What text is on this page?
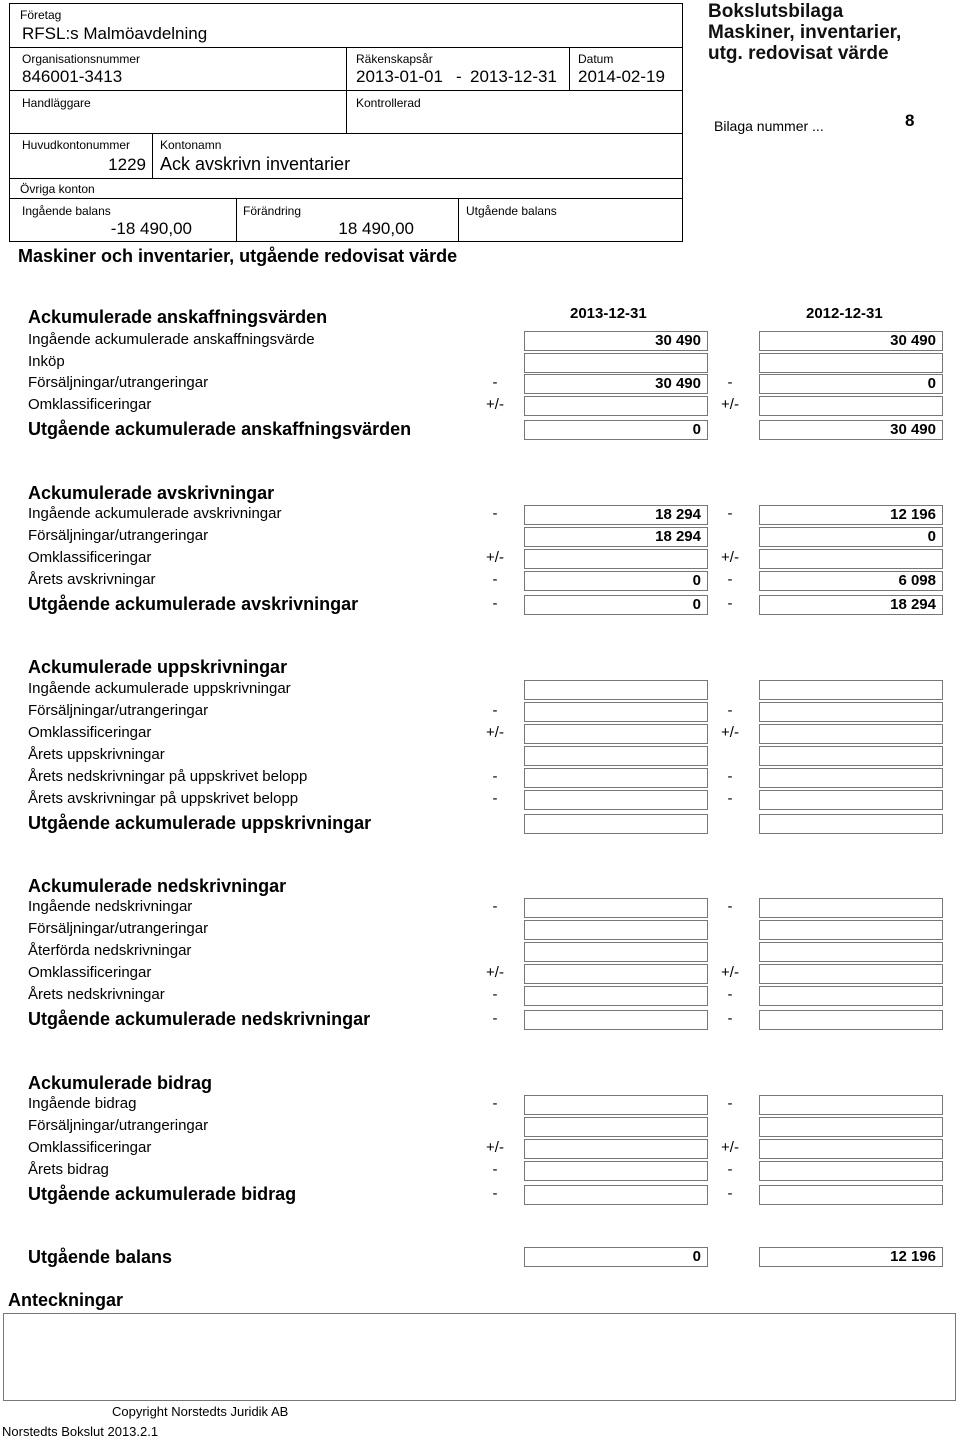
Företag
RFSL:s Malmöavdelning
Organisationsnummer
846001-3413
Räkenskapsår
2013-01-01 - 2013-12-31
Datum
2014-02-19
Handläggare	Kontrollerad
Huvudkontonummer
1229
Kontonamn
Ack avskrivn inventarier
Övriga konton
Ingående balans
-18 490,00
Förändring
18 490,00
Utgående balans
Maskiner och inventarier, utgående redovisat värde
Bokslutsbilaga
Maskiner, inventarier,
utg. redovisat värde
Bilaga nummer ...	8
2013-12-31	2012-12-31
Ackumulerade anskaffningsvärden
Ingående ackumulerade anskaffningsvärde	30 490	30 490
Inköp
Försäljningar/utrangeringar	-	30 490	-	0
Omklassificeringar	+/-	+/-
Utgående ackumulerade anskaffningsvärden	0	30 490
Ackumulerade avskrivningar
Ingående ackumulerade avskrivningar	-	18 294	-	12 196
Försäljningar/utrangeringar	18 294	0
Omklassificeringar	+/-	+/-
Årets avskrivningar	-	0	-	6 098
Utgående ackumulerade avskrivningar	-	0	-	18 294
Ackumulerade uppskrivningar
Ingående ackumulerade uppskrivningar
Försäljningar/utrangeringar	-	-
Omklassificeringar	+/-	+/-
Årets uppskrivningar
Årets nedskrivningar på uppskrivet belopp	-	-
Årets avskrivningar på uppskrivet belopp	-	-
Utgående ackumulerade uppskrivningar
Ackumulerade nedskrivningar
Ingående nedskrivningar	-	-
Försäljningar/utrangeringar
Återförda nedskrivningar
Omklassificeringar	+/-	+/-
Årets nedskrivningar	-	-
Utgående ackumulerade nedskrivningar	-	-
Ackumulerade bidrag
Ingående bidrag	-	-
Försäljningar/utrangeringar
Omklassificeringar	+/-	+/-
Årets bidrag	-	-
Utgående ackumulerade bidrag	-	-
Utgående balans	0	12 196
Anteckningar
Copyright Norstedts Juridik AB
Norstedts Bokslut 2013.2.1
